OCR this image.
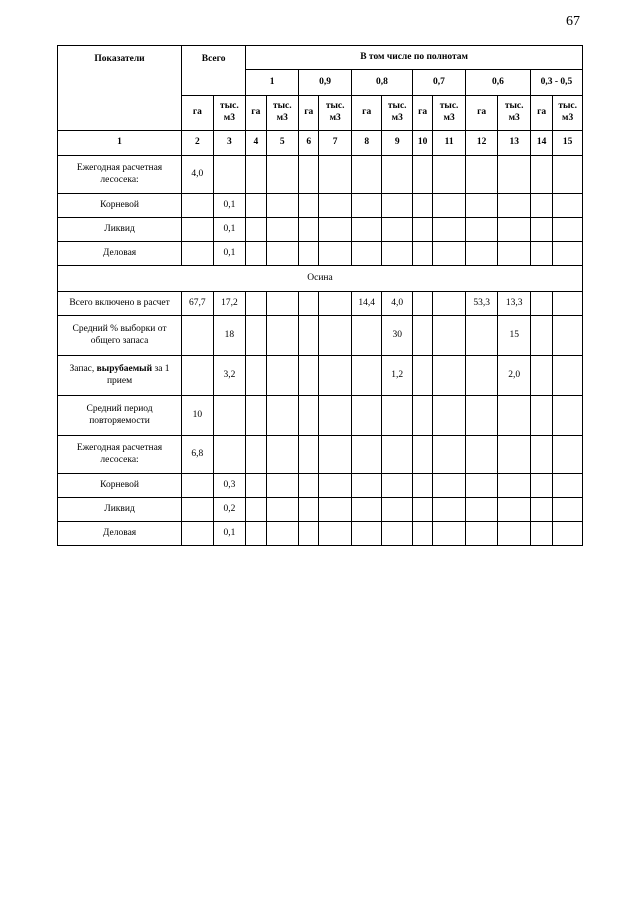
67
Показатели	Всего		В том числе по полнотам											
			1		0,9		0,8		0,7		0,6		0,3 - 0,5	
	га	тыс. м3	га	тыс. м3	га	тыс. м3	га	тыс. м3	га	тыс. м3	га	тыс. м3	га	тыс. м3
1	2	3	4	5	6	7	8	9	10	11	12	13	14	15
Ежегодная расчетная лесосека:	4,0													
Корневой		0,1												
Ликвид		0,1												
Деловая		0,1												
Осина														
Всего включено в расчет	67,7	17,2					14,4	4,0			53,3	13,3		
Средний % выборки от общего запаса		18						30				15		
Запас, вырубаемый за 1 прием		3,2						1,2				2,0		
Средний период повторяемости	10													
Ежегодная расчетная лесосека:	6,8													
Корневой		0,3												
Ликвид		0,2												
Деловая		0,1												
